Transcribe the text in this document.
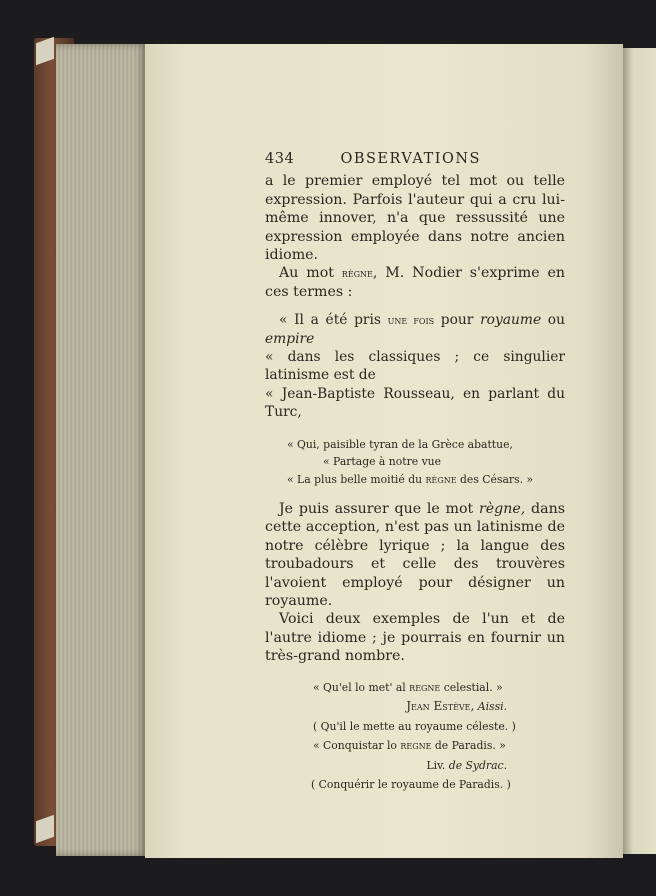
434	OBSERVATIONS

a le premier employé tel mot ou telle expression. Parfois l'auteur qui a cru lui-même innover, n'a que ressussité une expression employée dans notre ancien idiome.

Au mot règne, M. Nodier s'exprime en ces termes :

« Il a été pris une fois pour royaume ou empire

« dans les classiques ; ce singulier latinisme est de

« Jean-Baptiste Rousseau, en parlant du Turc,

« Qui, paisible tyran de la Grèce abattue,
« Partage à notre vue
« La plus belle moitié du règne des Césars. »

Je puis assurer que le mot règne, dans cette acception, n'est pas un latinisme de notre célèbre lyrique ; la langue des troubadours et celle des trouvères l'avoient employé pour désigner un royaume.

Voici deux exemples de l'un et de l'autre idiome ; je pourrais en fournir un très-grand nombre.

« Qu'el lo met' al regne celestial. »
Jean Estève, Aissi.
( Qu'il le mette au royaume céleste. )
« Conquistar lo regne de Paradis. »
Liv. de Sydrac.
( Conquérir le royaume de Paradis. )
